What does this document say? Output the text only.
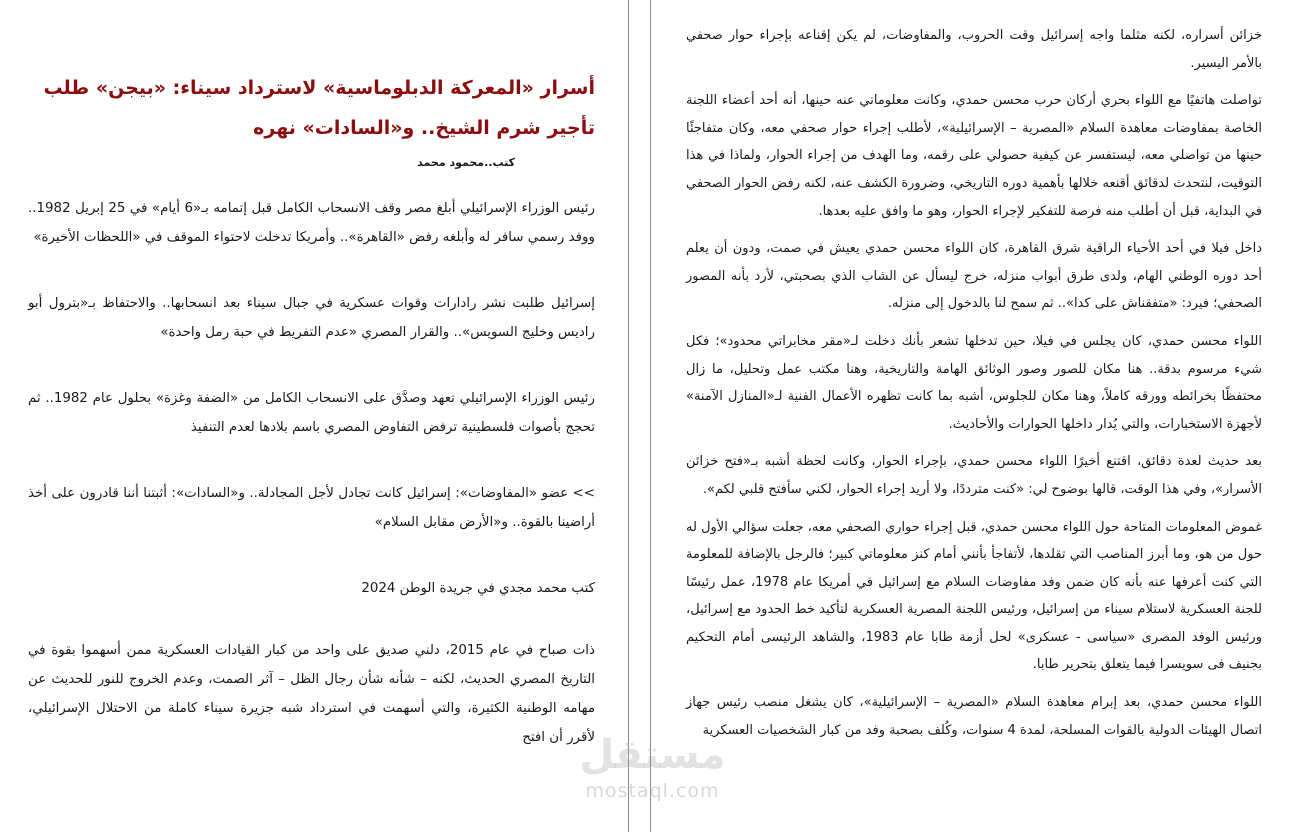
أسرار «المعركة الدبلوماسية» لاسترداد سيناء: «بيجن» طلب تأجير شرم الشيخ.. و«السادات» نهره
كتب..محمود محمد

رئيس الوزراء الإسرائيلي أبلغ مصر وقف الانسحاب الكامل قبل إتمامه بـ«6 أيام» في 25 إبريل 1982.. ووفد رسمي سافر له وأبلغه رفض «القاهرة».. وأمريكا تدخلت لاحتواء الموقف في «اللحظات الأخيرة»

إسرائيل طلبت نشر رادارات وقوات عسكرية في جبال سيناء بعد انسحابها.. والاحتفاظ بـ«بترول أبو راديس وخليج السويس».. والقرار المصري «عدم التفريط في حبة رمل واحدة»

رئيس الوزراء الإسرائيلي تعهد وصدَّق على الانسحاب الكامل من «الضفة وغزة» بحلول عام 1982.. ثم تحجج بأصوات فلسطينية ترفض التفاوض المصري باسم بلادها لعدم التنفيذ

>> عضو «المفاوضات»: إسرائيل كانت تجادل لأجل المجادلة.. و«السادات»: أثبتنا أننا قادرون على أخذ أراضينا بالقوة.. و«الأرض مقابل السلام»

كتب محمد مجدي في جريدة الوطن 2024

ذات صباح في عام 2015، دلني صديق على واحد من كبار القيادات العسكرية ممن أسهموا بقوة في التاريخ المصري الحديث، لكنه – شأنه شأن رجال الظل – آثر الصمت، وعدم الخروج للنور للحديث عن مهامه الوطنية الكثيرة، والتي أسهمت في استرداد شبه جزيرة سيناء كاملة من الاحتلال الإسرائيلي، لأقرر أن افتح

خزائن أسراره، لكنه مثلما واجه إسرائيل وقت الحروب، والمفاوضات، لم يكن إقناعه بإجراء حوار صحفي بالأمر اليسير.

تواصلت هاتفيًا مع اللواء بحري أركان حرب محسن حمدي، وكانت معلوماتي عنه حينها، أنه أحد أعضاء اللجنة الخاصة بمفاوضات معاهدة السلام «المصرية – الإسرائيلية»، لأطلب إجراء حوار صحفي معه، وكان متفاجئًا حينها من تواصلي معه، ليستفسر عن كيفية حصولي على رقمه، وما الهدف من إجراء الحوار، ولماذا في هذا التوقيت، لنتحدث لدقائق أقنعه خلالها بأهمية دوره التاريخي، وضرورة الكشف عنه، لكنه رفض الحوار الصحفي في البداية، قبل أن أطلب منه فرصة للتفكير لإجراء الحوار، وهو ما وافق عليه بعدها.

داخل فيلا في أحد الأحياء الراقية شرق القاهرة، كان اللواء محسن حمدي يعيش في صمت، ودون أن يعلم أحد دوره الوطني الهام، ولدى طرق أبواب منزله، خرج ليسأل عن الشاب الذي بصحبتي، لأرد بأنه المصور الصحفي؛ فيرد: «متفقناش على كدا».. ثم سمح لنا بالدخول إلى منزله.

اللواء محسن حمدي، كان يجلس في فيلا، حين تدخلها تشعر بأنك دخلت لـ«مقر مخابراتي محدود»؛ فكل شيء مرسوم بدقة.. هنا مكان للصور وصور الوثائق الهامة والتاريخية، وهنا مكتب عمل وتحليل، ما زال محتفظًا بخرائطه وورقه كاملاً، وهنا مكان للجلوس، أشبه بما كانت تظهره الأعمال الفنية لـ«المنازل الآمنة» لأجهزة الاستخبارات، والتي يُدار داخلها الحوارات والأحاديث.

بعد حديث لعدة دقائق، اقتنع أخيرًا اللواء محسن حمدي، بإجراء الحوار، وكانت لحظة أشبه بـ«فتح خزائن الأسرار»، وفي هذا الوقت، قالها بوضوح لي: «كنت مترددًا، ولا أريد إجراء الحوار، لكني سأفتح قلبي لكم».

غموض المعلومات المتاحة حول اللواء محسن حمدي، قبل إجراء حواري الصحفي معه، جعلت سؤالي الأول له حول من هو، وما أبرز المناصب التي تقلدها، لأتفاجأ بأنني أمام كنز معلوماتي كبير؛ فالرجل بالإضافة للمعلومة التي كنت أعرفها عنه بأنه كان ضمن وفد مفاوضات السلام مع إسرائيل في أمريكا عام 1978، عمل رئيسًا للجنة العسكرية لاستلام سيناء من إسرائيل، ورئيس اللجنة المصرية العسكرية لتأكيد خط الحدود مع إسرائيل، ورئيس الوفد المصرى «سياسى - عسكرى» لحل أزمة طابا عام 1983، والشاهد الرئيسى أمام التحكيم بجنيف فى سويسرا فيما يتعلق بتحرير طابا.

اللواء محسن حمدي، بعد إبرام معاهدة السلام «المصرية – الإسرائيلية»، كان يشغل منصب رئيس جهاز اتصال الهيئات الدولية بالقوات المسلحة، لمدة 4 سنوات، وكُلف بصحبة وفد من كبار الشخصيات العسكرية

مستقل
mostaql.com
